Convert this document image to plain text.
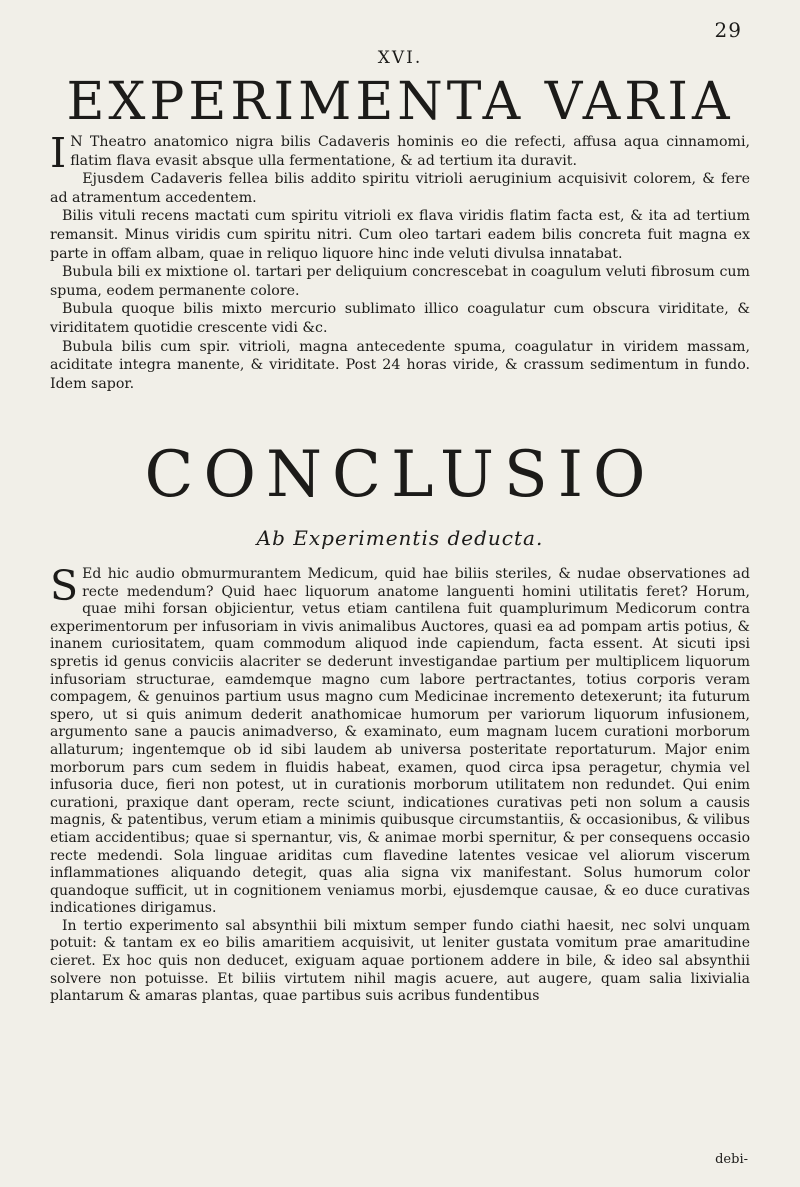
29
XVI.
EXPERIMENTA VARIA
I N Theatro anatomico nigra bilis Cadaveris hominis eo die refecti, affusa aqua cinnamomi, flatim flava evasit absque ulla fermentatione, & ad tertium ita duravit.

Ejusdem Cadaveris fellea bilis addito spiritu vitrioli aeruginium acquisivit colorem, & fere ad atramentum accedentem.

Bilis vituli recens mactati cum spiritu vitrioli ex flava viridis flatim facta est, & ita ad tertium remansit. Minus viridis cum spiritu nitri. Cum oleo tartari eadem bilis concreta fuit magna ex parte in offam albam, quae in reliquo liquore hinc inde veluti divulsa innatabat.

Bubula bili ex mixtione ol. tartari per deliquium concrescebat in coagulum veluti fibrosum cum spuma, eodem permanente colore.

Bubula quoque bilis mixto mercurio sublimato illico coagulatur cum obscura viriditate, & viriditatem quotidie crescente vidi &c.

Bubula bilis cum spir. vitrioli, magna antecedente spuma, coagulatur in viridem massam, aciditate integra manente, & viriditate. Post 24 horas viride, & crassum sedimentum in fundo. Idem sapor.

CONCLUSIO
Ab Experimentis deducta.
S Ed hic audio obmurmurantem Medicum, quid hae biliis steriles, & nudae observationes ad recte medendum? Quid haec liquorum anatome languenti homini utilitatis feret? Horum, quae mihi forsan objicientur, vetus etiam cantilena fuit quamplurimum Medicorum contra experimentorum per infusoriam in vivis animalibus Auctores, quasi ea ad pompam artis potius, & inanem curiositatem, quam commodum aliquod inde capiendum, facta essent. At sicuti ipsi spretis id genus conviciis alacriter se dederunt investigandae partium per multiplicem liquorum infusoriam structurae, eamdemque magno cum labore pertractantes, totius corporis veram compagem, & genuinos partium usus magno cum Medicinae incremento detexerunt; ita futurum spero, ut si quis animum dederit anathomicae humorum per variorum liquorum infusionem, argumento sane a paucis animadverso, & examinato, eum magnam lucem curationi morborum allaturum; ingentemque ob id sibi laudem ab universa posteritate reportaturum. Major enim morborum pars cum sedem in fluidis habeat, examen, quod circa ipsa peragetur, chymia vel infusoria duce, fieri non potest, ut in curationis morborum utilitatem non redundet. Qui enim curationi, praxique dant operam, recte sciunt, indicationes curativas peti non solum a causis magnis, & patentibus, verum etiam a minimis quibusque circumstantiis, & occasionibus, & vilibus etiam accidentibus; quae si spernantur, vis, & animae morbi spernitur, & per consequens occasio recte medendi. Sola linguae ariditas cum flavedine latentes vesicae vel aliorum viscerum inflammationes aliquando detegit, quas alia signa vix manifestant. Solus humorum color quandoque sufficit, ut in cognitionem veniamus morbi, ejusdemque causae, & eo duce curativas indicationes dirigamus.

In tertio experimento sal absynthii bili mixtum semper fundo ciathi haesit, nec solvi unquam potuit: & tantam ex eo bilis amaritiem acquisivit, ut leniter gustata vomitum prae amaritudine cieret. Ex hoc quis non deducet, exiguam aquae portionem addere in bile, & ideo sal absynthii solvere non potuisse. Et biliis virtutem nihil magis acuere, aut augere, quam salia lixivialia plantarum & amaras plantas, quae partibus suis acribus fundentibus

debi-
